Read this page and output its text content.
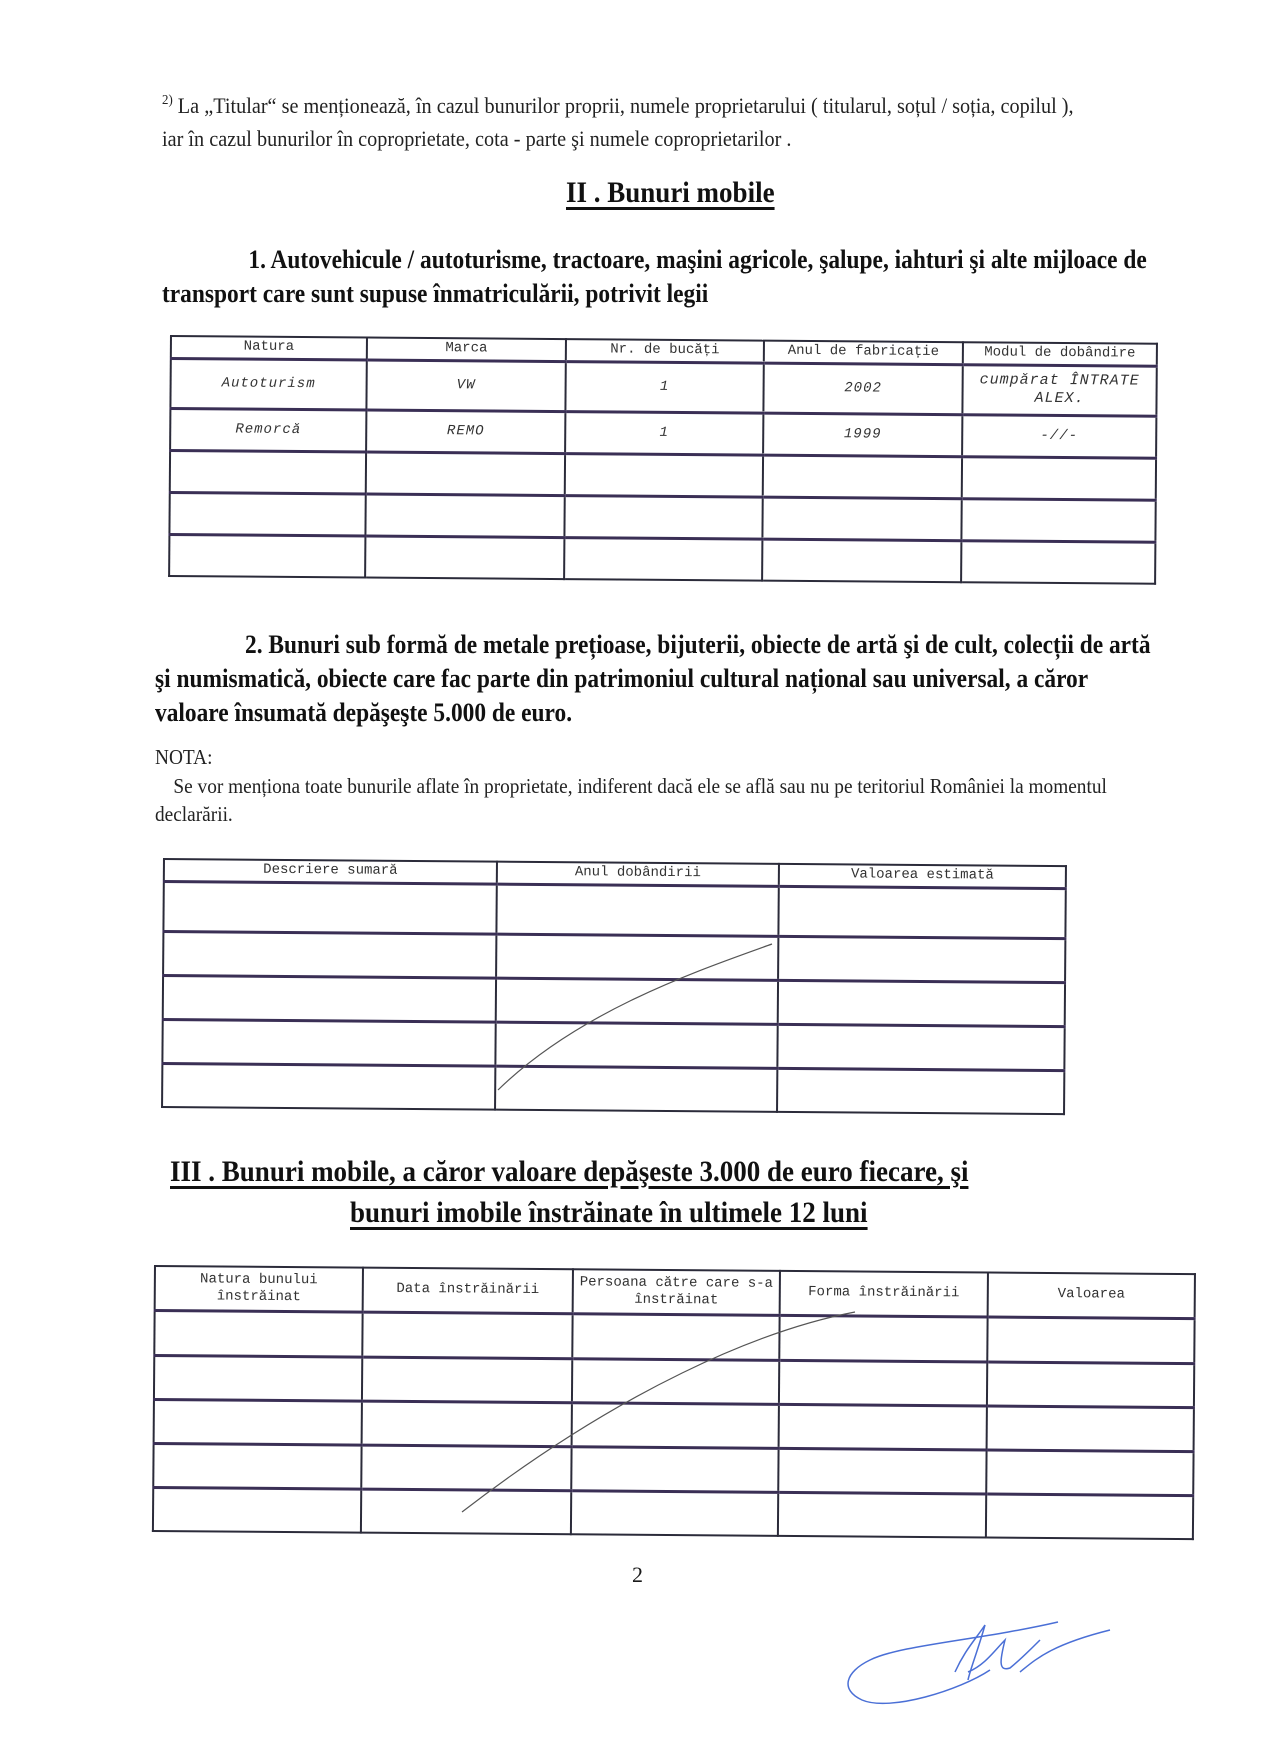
$^{2)}$ La „Titular“ se menționează, în cazul bunurilor proprii, numele proprietarului ( titularul, soțul / soția, copilul ), iar în cazul bunurilor în coproprietate, cota - parte şi numele coproprietarilor .
II . Bunuri mobile
1. Autovehicule / autoturisme, tractoare, maşini agricole, şalupe, iahturi şi alte mijloace de transport care sunt supuse înmatriculării, potrivit legii
Natura	Marca	Nr. de bucăți	Anul de fabricație	Modul de dobândire
Autoturism	VW	1	2002	cumpărat ÎNTRATE ALEX.
Remorcă	REMO	1	1999	-//-

2. Bunuri sub formă de metale prețioase, bijuterii, obiecte de artă şi de cult, colecții de artă şi numismatică, obiecte care fac parte din patrimoniul cultural național sau universal, a căror valoare însumată depăşeşte 5.000 de euro.
NOTA:
Se vor menționa toate bunurile aflate în proprietate, indiferent dacă ele se află sau nu pe teritoriul României la momentul declarării.
Descriere sumară	Anul dobândirii	Valoarea estimată

III . Bunuri mobile, a căror valoare depăşeste 3.000 de euro fiecare, şi
bunuri imobile înstrăinate în ultimele 12 luni
Natura bunului înstrăinat	Data înstrăinării	Persoana către care s-a înstrăinat	Forma înstrăinării	Valoarea

2
